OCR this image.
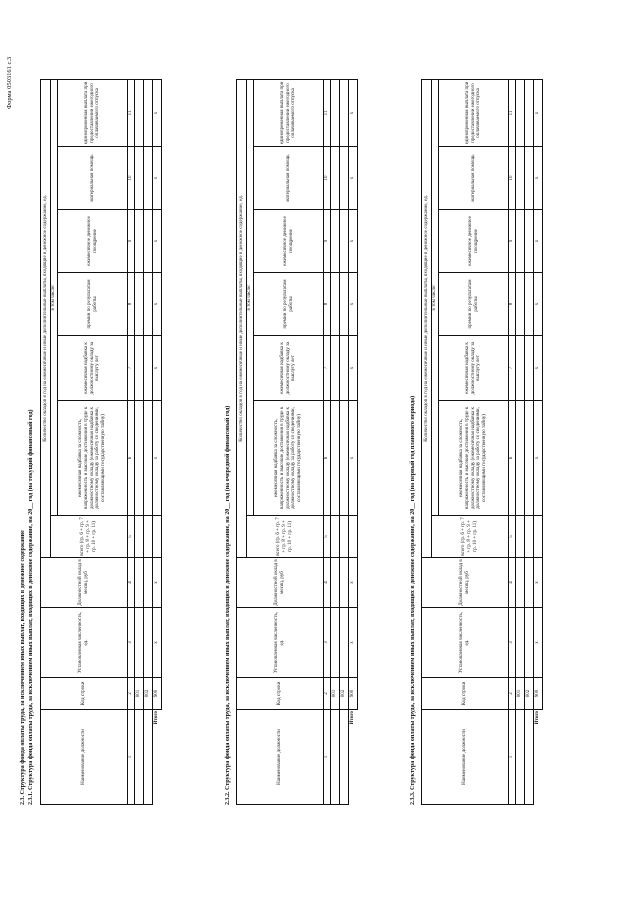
Форма 0503161 с.3
2.3. Структура фонда оплаты труда, за исключением иных выплат, входящих в денежное содержание 2.3.1. Структура фонда оплаты труда, за исключением иных выплат, входящих в денежное содержание, на 20__ год (на текущий финансовый год)	Наименование должности	Код строки	Установленная численность, ед.	Должностной оклад в месяц, руб	Количество окладов в год на ежемесячные и иные дополнительные выплаты, входящие в денежное содержание, ед.						
				всего (гр. 6 + гр. 7 + гр. 8 + гр. 9 + гр. 10 + гр. 11)	в том числе:					
					ежемесячная надбавка за сложность, напряженность и высокие достижения в труде к должностному окладу (ежемесячная надбавка к должностному окладу за работу со сведениями, составляющими государственную тайну)	ежемесячная надбавка к должностному окладу за выслугу лет	премии по результатам работы	ежемесячное денежное поощрение	материальная помощь	единовременная выплата при предоставлении ежегодного оплачиваемого отпуска
1	2	3	4	5	6	7	8	9	10	11
	001									
	002									
Итого	900	x	x		x	x	x	x	x	x
2.3.2. Структура фонда оплаты труда, за исключением иных выплат, входящих в денежное содержание, на 20__ год (на очередной финансовый год)	Наименование должности	Код строки	Установленная численность, ед.	Должностной оклад в месяц, руб	Количество окладов в год на ежемесячные и иные дополнительные выплаты, входящие в денежное содержание, ед.						
				всего (гр. 6 + гр. 7 + гр. 8 + гр. 9 + гр. 10 + гр. 11)	в том числе:					
					ежемесячная надбавка за сложность, напряженность и высокие достижения в труде к должностному окладу (ежемесячная надбавка к должностному окладу за работу со сведениями, составляющими государственную тайну)	ежемесячная надбавка к должностному окладу за выслугу лет	премии по результатам работы	ежемесячное денежное поощрение	материальная помощь	единовременная выплата при предоставлении ежегодного оплачиваемого отпуска
1	2	3	4	5	6	7	8	9	10	11
	001									
	002									
Итого	900	x	x		x	x	x	x	x	x
2.3.3. Структура фонда оплаты труда, за исключением иных выплат, входящих в денежное содержание, на 20__ год (на первый год планового периода)	Наименование должности	Код строки	Установленная численность, ед.	Должностной оклад в месяц, руб	Количество окладов в год на ежемесячные и иные дополнительные выплаты, входящие в денежное содержание, ед.						
				всего (гр. 6 + гр. 7 + гр. 8 + гр. 9 + гр. 10 + гр. 11)	в том числе:					
					ежемесячная надбавка за сложность, напряженность и высокие достижения в труде к должностному окладу (ежемесячная надбавка к должностному окладу за работу со сведениями, составляющими государственную тайну)	ежемесячная надбавка к должностному окладу за выслугу лет	премии по результатам работы	ежемесячное денежное поощрение	материальная помощь	единовременная выплата при предоставлении ежегодного оплачиваемого отпуска
1	2	3	4	5	6	7	8	9	10	11
	001									
	002									
Итого	900	x	x		x	x	x	x	x	x
